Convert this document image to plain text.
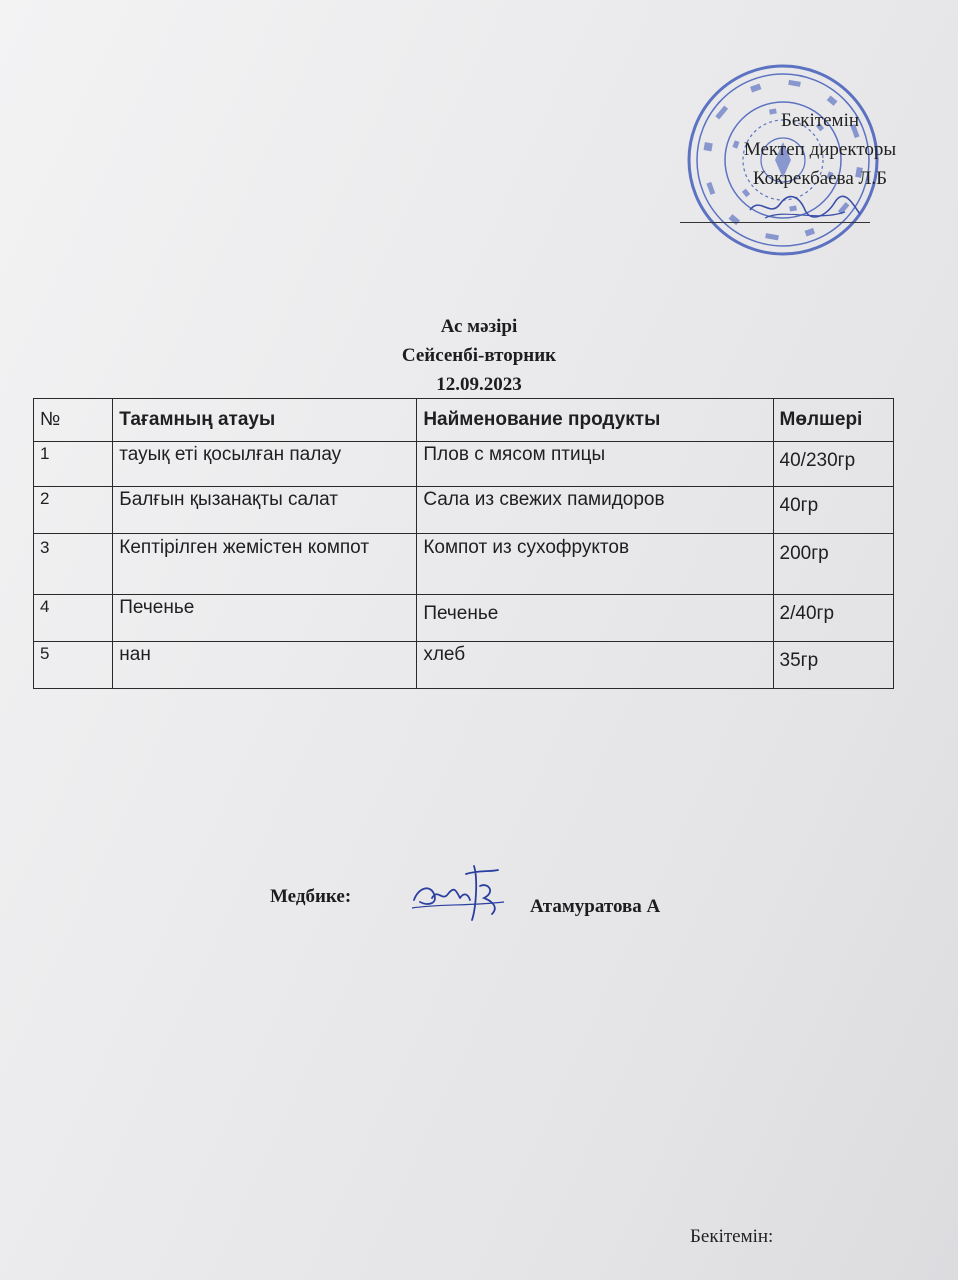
Бекітемін
Мектеп директоры
Кокрекбаева Л.Б
Ас мәзірі
Сейсенбі-вторник
12.09.2023
№	Тағамның атауы	Найменование продукты	Мөлшері
1	тауық еті қосылған палау	Плов с мясом птицы	40/230гр
2	Балғын қызанақты салат	Сала из свежих памидоров	40гр
3	Кептірілген жемістен компот	Компот из сухофруктов	200гр
4	Печенье	Печенье	2/40гр
5	нан	хлеб	35гр
Медбике:	Атамуратова А
Бекітемін:
